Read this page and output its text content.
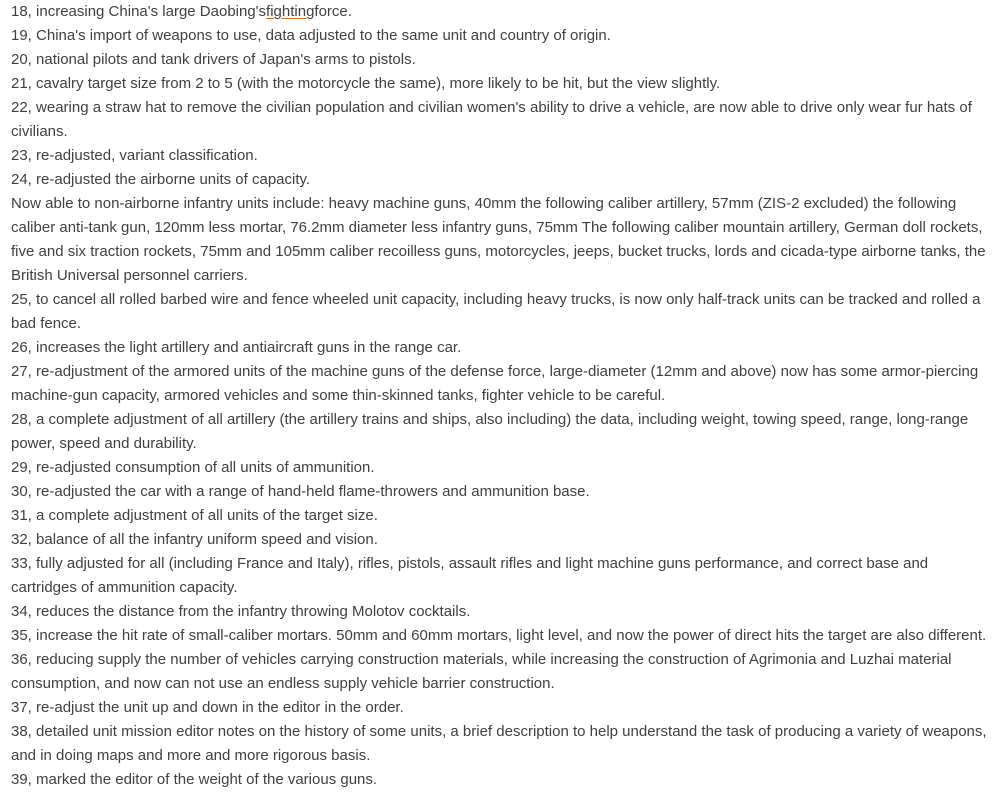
18, increasing China's large Daobing'sfightingforce.

19, China's import of weapons to use, data adjusted to the same unit and country of origin.

20, national pilots and tank drivers of Japan's arms to pistols.

21, cavalry target size from 2 to 5 (with the motorcycle the same), more likely to be hit, but the view slightly.

22, wearing a straw hat to remove the civilian population and civilian women's ability to drive a vehicle, are now able to drive only wear fur hats of civilians.

23, re-adjusted, variant classification.

24, re-adjusted the airborne units of capacity.

Now able to non-airborne infantry units include: heavy machine guns, 40mm the following caliber artillery, 57mm (ZIS-2 excluded) the following caliber anti-tank gun, 120mm less mortar, 76.2mm diameter less infantry guns, 75mm The following caliber mountain artillery, German doll rockets, five and six traction rockets, 75mm and 105mm caliber recoilless guns, motorcycles, jeeps, bucket trucks, lords and cicada-type airborne tanks, the British Universal personnel carriers.

25, to cancel all rolled barbed wire and fence wheeled unit capacity, including heavy trucks, is now only half-track units can be tracked and rolled a bad fence.

26, increases the light artillery and antiaircraft guns in the range car.

27, re-adjustment of the armored units of the machine guns of the defense force, large-diameter (12mm and above) now has some armor-piercing machine-gun capacity, armored vehicles and some thin-skinned tanks, fighter vehicle to be careful.

28, a complete adjustment of all artillery (the artillery trains and ships, also including) the data, including weight, towing speed, range, long-range power, speed and durability.

29, re-adjusted consumption of all units of ammunition.

30, re-adjusted the car with a range of hand-held flame-throwers and ammunition base.

31, a complete adjustment of all units of the target size.

32, balance of all the infantry uniform speed and vision.

33, fully adjusted for all (including France and Italy), rifles, pistols, assault rifles and light machine guns performance, and correct base and cartridges of ammunition capacity.

34, reduces the distance from the infantry throwing Molotov cocktails.

35, increase the hit rate of small-caliber mortars. 50mm and 60mm mortars, light level, and now the power of direct hits the target are also different.

36, reducing supply the number of vehicles carrying construction materials, while increasing the construction of Agrimonia and Luzhai material consumption, and now can not use an endless supply vehicle barrier construction.

37, re-adjust the unit up and down in the editor in the order.

38, detailed unit mission editor notes on the history of some units, a brief description to help understand the task of producing a variety of weapons, and in doing maps and more and more rigorous basis.

39, marked the editor of the weight of the various guns.
